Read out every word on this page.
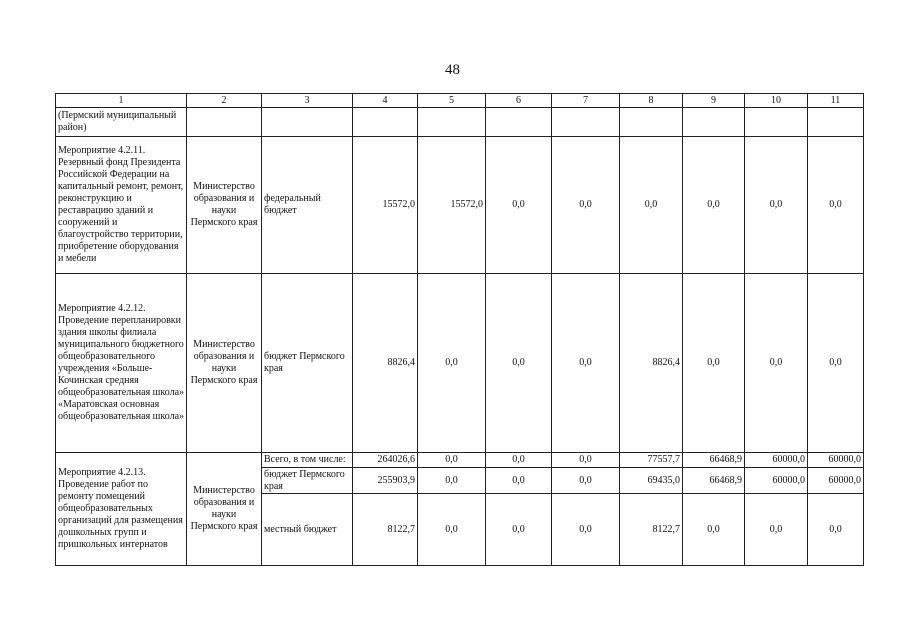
48
1	2	3	4	5	6	7	8	9	10	11
(Пермский муниципальный район)										
Мероприятие 4.2.11. Резервный фонд Президента Российской Федерации на капитальный ремонт, ремонт, реконструкцию и реставрацию зданий и сооружений и благоустройство территории, приобретение оборудования и мебели	Министерство образования и науки Пермского края	федеральный бюджет	15572,0	15572,0	0,0	0,0	0,0	0,0	0,0	0,0
Мероприятие 4.2.12. Проведение перепланировки здания школы филиала муниципального бюджетного общеобразовательного учреждения «Больше-Кочинская средняя общеобразовательная школа» «Маратовская основная общеобразовательная школа»	Министерство образования и науки Пермского края	бюджет Пермского края	8826,4	0,0	0,0	0,0	8826,4	0,0	0,0	0,0
Мероприятие 4.2.13. Проведение работ по ремонту помещений общеобразовательных организаций для размещения дошкольных групп и пришкольных интернатов	Министерство образования и науки Пермского края	Всего, в том числе:	264026,6	0,0	0,0	0,0	77557,7	66468,9	60000,0	60000,0
		бюджет Пермского края	255903,9	0,0	0,0	0,0	69435,0	66468,9	60000,0	60000,0
		местный бюджет	8122,7	0,0	0,0	0,0	8122,7	0,0	0,0	0,0
